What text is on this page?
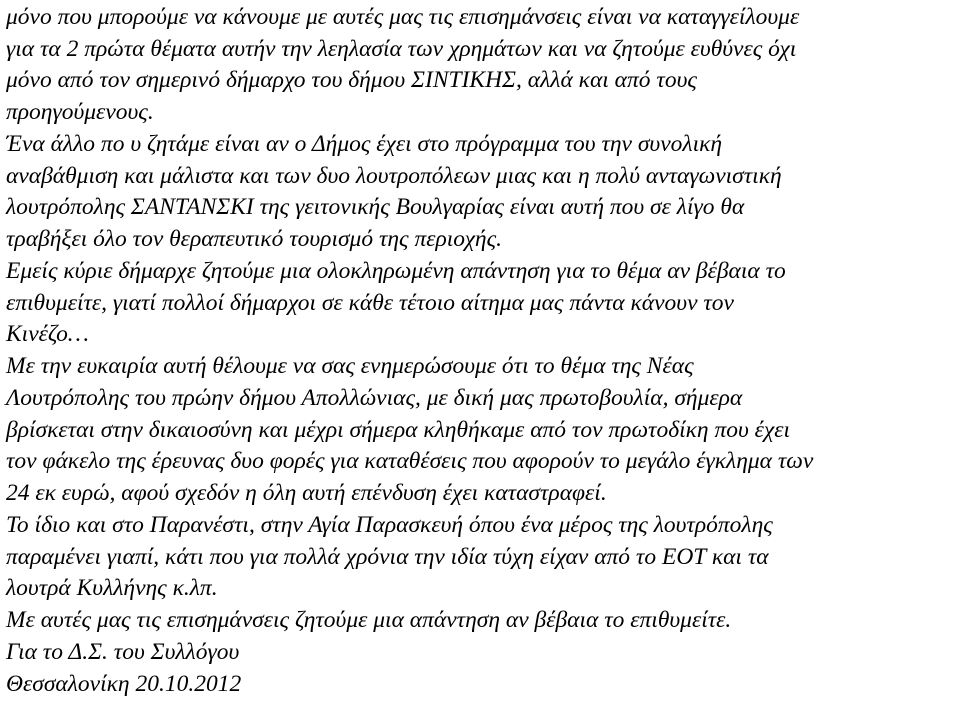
μόνο που μπορούμε να κάνουμε με αυτές μας τις επισημάνσεις είναι να καταγγείλουμε
για τα 2 πρώτα θέματα αυτήν την λεηλασία των χρημάτων και να ζητούμε ευθύνες όχι
μόνο από τον σημερινό δήμαρχο του δήμου ΣΙΝΤΙΚΗΣ, αλλά και από τους
προηγούμενους.
Ένα άλλο πο υ ζητάμε είναι αν ο Δήμος έχει στο πρόγραμμα του την συνολική
αναβάθμιση και μάλιστα και των δυο λουτροπόλεων μιας και η πολύ ανταγωνιστική
λουτρόπολης ΣΑΝΤΑΝΣΚΙ της γειτονικής Βουλγαρίας είναι αυτή που σε λίγο θα
τραβήξει όλο τον θεραπευτικό τουρισμό της περιοχής.
Εμείς κύριε δήμαρχε ζητούμε μια ολοκληρωμένη απάντηση για το θέμα αν βέβαια το
επιθυμείτε, γιατί πολλοί δήμαρχοι σε κάθε τέτοιο αίτημα μας πάντα κάνουν τον
Κινέζο…
Με την ευκαιρία αυτή θέλουμε να σας ενημερώσουμε ότι το θέμα της Νέας
Λουτρόπολης του πρώην δήμου Απολλώνιας, με δική μας πρωτοβουλία, σήμερα
βρίσκεται στην δικαιοσύνη και μέχρι σήμερα κληθήκαμε από τον πρωτοδίκη που έχει
τον φάκελο της έρευνας δυο φορές για καταθέσεις που αφορούν το μεγάλο έγκλημα των
24 εκ ευρώ, αφού σχεδόν η όλη αυτή επένδυση έχει καταστραφεί.
Το ίδιο και στο Παρανέστι, στην Αγία Παρασκευή όπου ένα μέρος της λουτρόπολης
παραμένει γιαπί, κάτι που για πολλά χρόνια την ιδία τύχη είχαν από το ΕΟΤ και τα
λουτρά Κυλλήνης κ.λπ.
Με αυτές μας τις επισημάνσεις ζητούμε μια απάντηση αν βέβαια το επιθυμείτε.
Για το Δ.Σ. του Συλλόγου
Θεσσαλονίκη 20.10.2012
